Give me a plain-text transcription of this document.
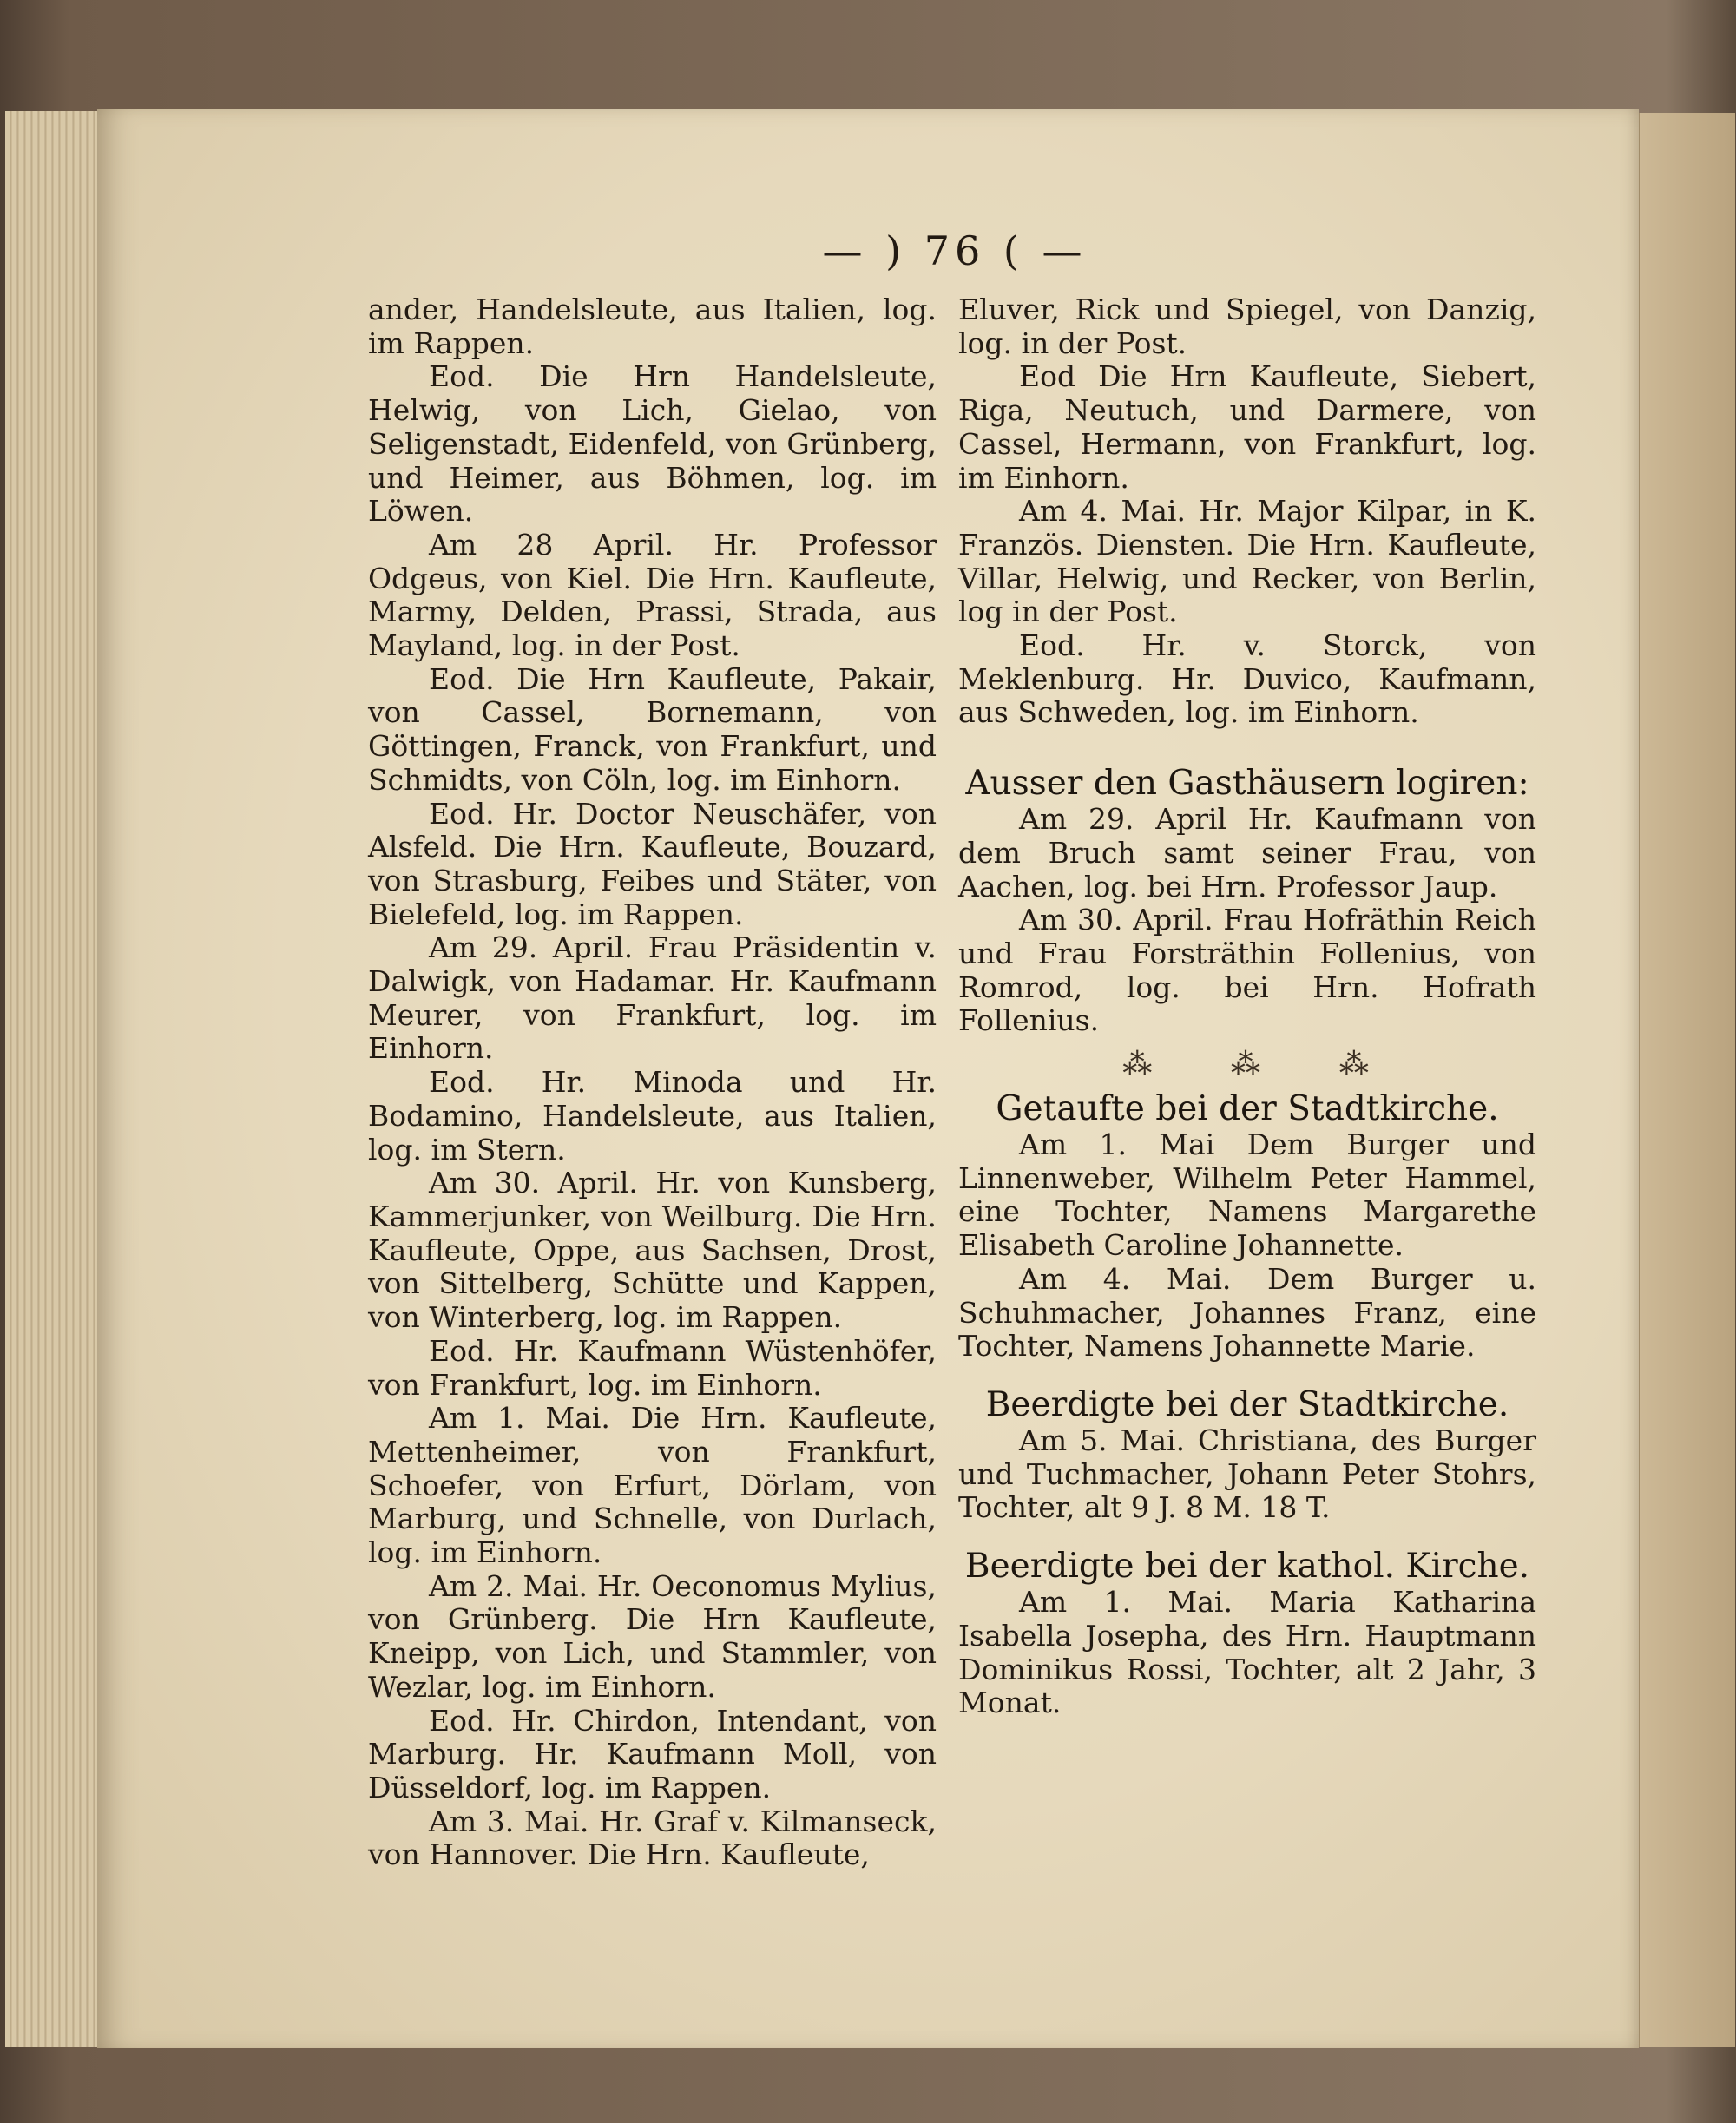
— ) 76 ( —

ander, Handelsleute, aus Italien, log. im Rappen.

Eod. Die Hrn Handelsleute, Helwig, von Lich, Gielao, von Seligenstadt, Eidenfeld, von Grünberg, und Heimer, aus Böhmen, log. im Löwen.

Am 28 April. Hr. Professor Odgeus, von Kiel. Die Hrn. Kaufleute, Marmy, Delden, Prassi, Strada, aus Mayland, log. in der Post.

Eod. Die Hrn Kaufleute, Pakair, von Cassel, Bornemann, von Göttingen, Franck, von Frankfurt, und Schmidts, von Cöln, log. im Einhorn.

Eod. Hr. Doctor Neuschäfer, von Alsfeld. Die Hrn. Kaufleute, Bouzard, von Strasburg, Feibes und Stäter, von Bielefeld, log. im Rappen.

Am 29. April. Frau Präsidentin v. Dalwigk, von Hadamar. Hr. Kaufmann Meurer, von Frankfurt, log. im Einhorn.

Eod. Hr. Minoda und Hr. Bodamino, Handelsleute, aus Italien, log. im Stern.

Am 30. April. Hr. von Kunsberg, Kammerjunker, von Weilburg. Die Hrn. Kaufleute, Oppe, aus Sachsen, Drost, von Sittelberg, Schütte und Kappen, von Winterberg, log. im Rappen.

Eod. Hr. Kaufmann Wüstenhöfer, von Frankfurt, log. im Einhorn.

Am 1. Mai. Die Hrn. Kaufleute, Mettenheimer, von Frankfurt, Schoefer, von Erfurt, Dörlam, von Marburg, und Schnelle, von Durlach, log. im Einhorn.

Am 2. Mai. Hr. Oeconomus Mylius, von Grünberg. Die Hrn Kaufleute, Kneipp, von Lich, und Stammler, von Wezlar, log. im Einhorn.

Eod. Hr. Chirdon, Intendant, von Marburg. Hr. Kaufmann Moll, von Düsseldorf, log. im Rappen.

Am 3. Mai. Hr. Graf v. Kilmanseck, von Hannover. Die Hrn. Kaufleute,

Eluver, Rick und Spiegel, von Danzig, log. in der Post.

Eod Die Hrn Kaufleute, Siebert, Riga, Neutuch, und Darmere, von Cassel, Hermann, von Frankfurt, log. im Einhorn.

Am 4. Mai. Hr. Major Kilpar, in K. Französ. Diensten. Die Hrn. Kaufleute, Villar, Helwig, und Recker, von Berlin, log in der Post.

Eod. Hr. v. Storck, von Meklenburg. Hr. Duvico, Kaufmann, aus Schweden, log. im Einhorn.

Ausser den Gasthäusern logiren:

Am 29. April Hr. Kaufmann von dem Bruch samt seiner Frau, von Aachen, log. bei Hrn. Professor Jaup.

Am 30. April. Frau Hofräthin Reich und Frau Forsträthin Follenius, von Romrod, log. bei Hrn. Hofrath Follenius.

⁂	⁂	⁂
Getaufte bei der Stadtkirche.

Am 1. Mai Dem Burger und Linnenweber, Wilhelm Peter Hammel, eine Tochter, Namens Margarethe Elisabeth Caroline Johannette.

Am 4. Mai. Dem Burger u. Schuhmacher, Johannes Franz, eine Tochter, Namens Johannette Marie.

Beerdigte bei der Stadtkirche.

Am 5. Mai. Christiana, des Burger und Tuchmacher, Johann Peter Stohrs, Tochter, alt 9 J. 8 M. 18 T.

Beerdigte bei der kathol. Kirche.

Am 1. Mai. Maria Katharina Isabella Josepha, des Hrn. Hauptmann Dominikus Rossi, Tochter, alt 2 Jahr, 3 Monat.
